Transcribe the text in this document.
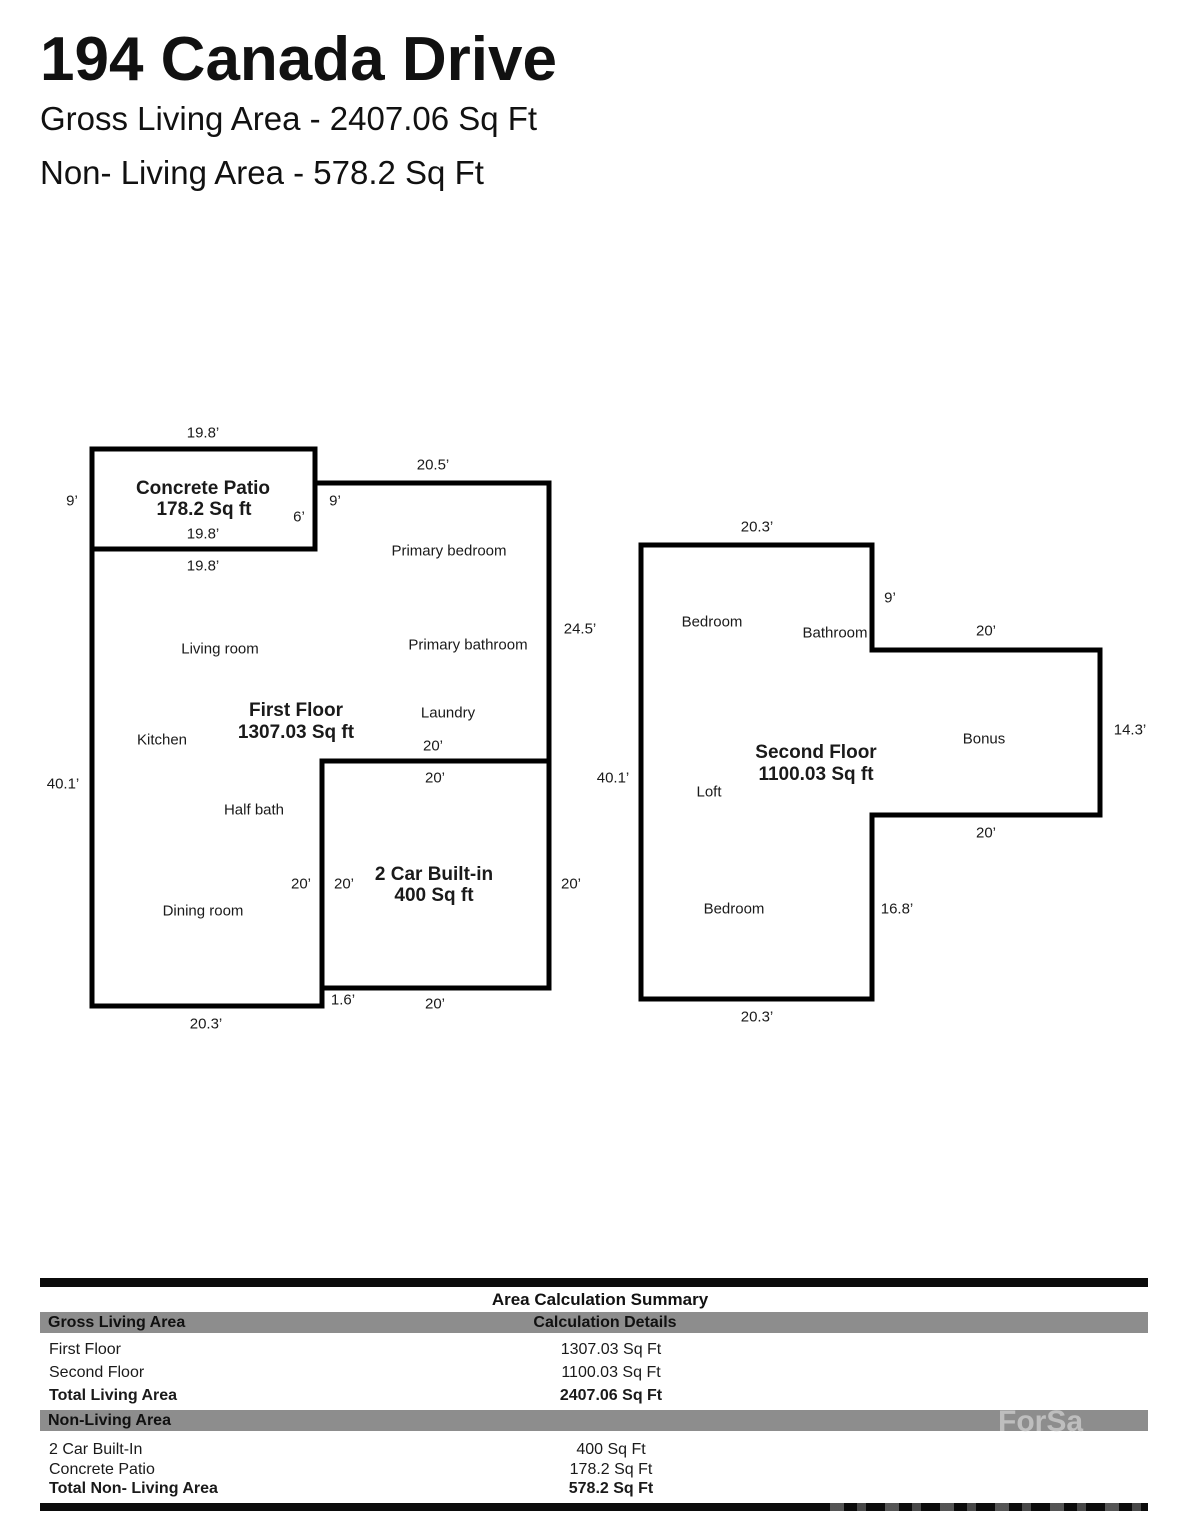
194 Canada Drive
Gross Living Area - 2407.06 Sq Ft
Non- Living Area - 578.2 Sq Ft
19.8’
9’
Concrete Patio
178.2 Sq ft
19.8’
6’
9’
20.5’
Primary bedroom
19.8’
Living room	Primary bathroom
24.5’
First Floor
1307.03 Sq ft
Laundry
20’
Kitchen
20’
40.1’
Half bath
20’ 20’ 2 Car Built-in
400 Sq ft
20’
Dining room
1.6’	20’
20.3’
20.3’
9’
Bedroom
Bathroom	20’
14.3’
Bonus
Second Floor
1100.03 Sq ft
Loft
40.1’
20’
Bedroom	16.8’
20.3’
Area Calculation Summary
Gross Living Area	Calculation Details
First Floor	1307.03 Sq Ft
Second Floor	1100.03 Sq Ft
Total Living Area	2407.06 Sq Ft
Non-Living Area
2 Car Built-In	400 Sq Ft
Concrete Patio	178.2 Sq Ft
Total Non- Living Area	578.2 Sq Ft
ForSa
